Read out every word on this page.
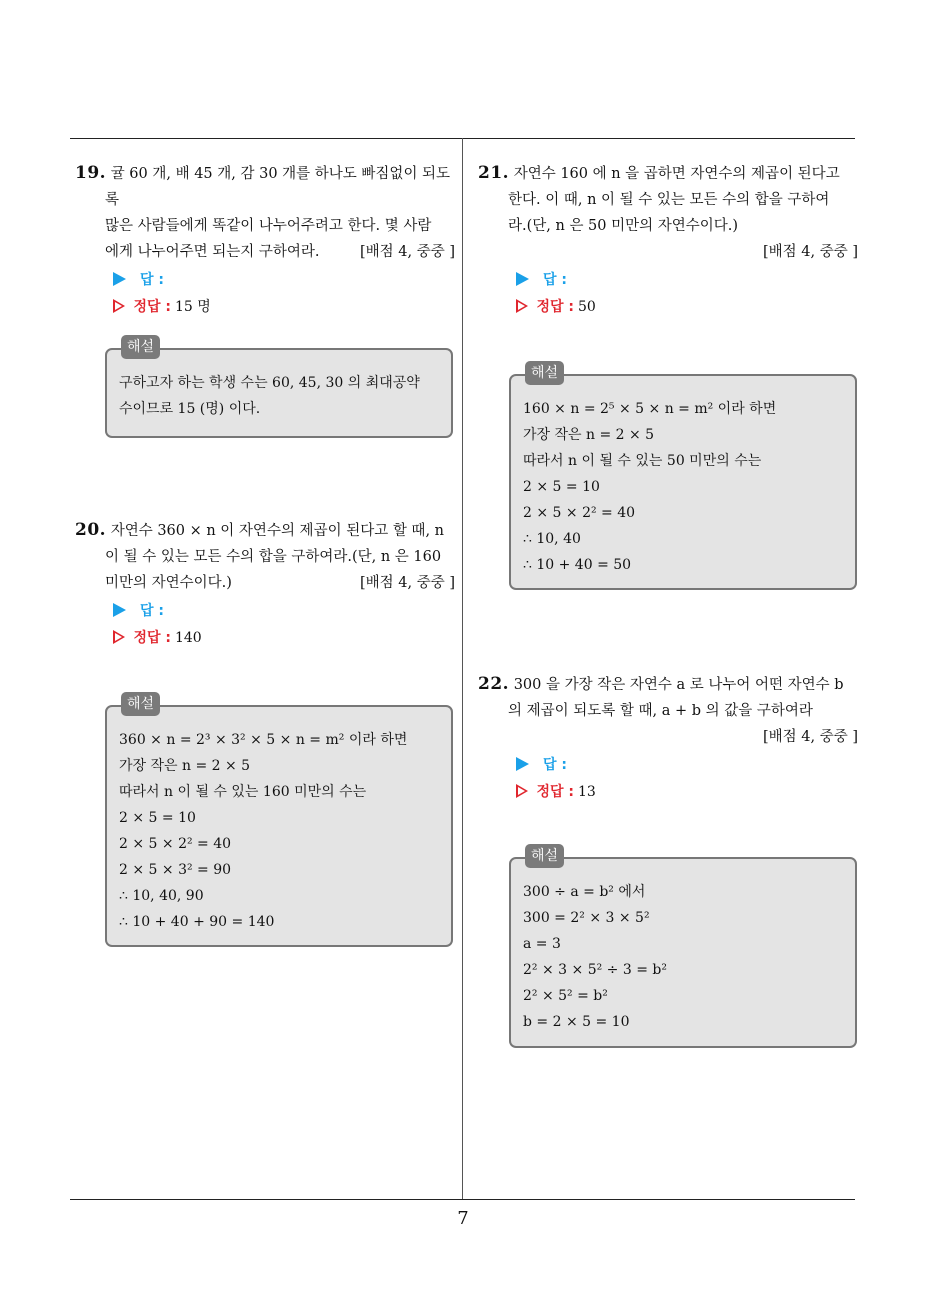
19. 귤 60 개, 배 45 개, 감 30 개를 하나도 빠짐없이 되도록
많은 사람들에게 똑같이 나누어주려고 한다. 몇 사람
에게 나누어주면 되는지 구하여라.	[배점 4, 중중 ]
답 :
정답 : 15 명
해설
구하고자 하는 학생 수는 60, 45, 30 의 최대공약
수이므로 15 (명) 이다.
20. 자연수 360 × n 이 자연수의 제곱이 된다고 할 때, n
이 될 수 있는 모든 수의 합을 구하여라.(단, n 은 160
미만의 자연수이다.)	[배점 4, 중중 ]
답 :
정답 : 140
해설
360 × n = 2³ × 3² × 5 × n = m² 이라 하면
가장 작은 n = 2 × 5
따라서 n 이 될 수 있는 160 미만의 수는
2 × 5 = 10
2 × 5 × 2² = 40
2 × 5 × 3² = 90
∴ 10, 40, 90
∴ 10 + 40 + 90 = 140
21. 자연수 160 에 n 을 곱하면 자연수의 제곱이 된다고
한다. 이 때, n 이 될 수 있는 모든 수의 합을 구하여
라.(단, n 은 50 미만의 자연수이다.)
[배점 4, 중중 ]
답 :
정답 : 50
해설
160 × n = 2⁵ × 5 × n = m² 이라 하면
가장 작은 n = 2 × 5
따라서 n 이 될 수 있는 50 미만의 수는
2 × 5 = 10
2 × 5 × 2² = 40
∴ 10, 40
∴ 10 + 40 = 50
22. 300 을 가장 작은 자연수 a 로 나누어 어떤 자연수 b
의 제곱이 되도록 할 때, a + b 의 값을 구하여라
[배점 4, 중중 ]
답 :
정답 : 13
해설
300 ÷ a = b² 에서
300 = 2² × 3 × 5²
a = 3
2² × 3 × 5² ÷ 3 = b²
2² × 5² = b²
b = 2 × 5 = 10
7
